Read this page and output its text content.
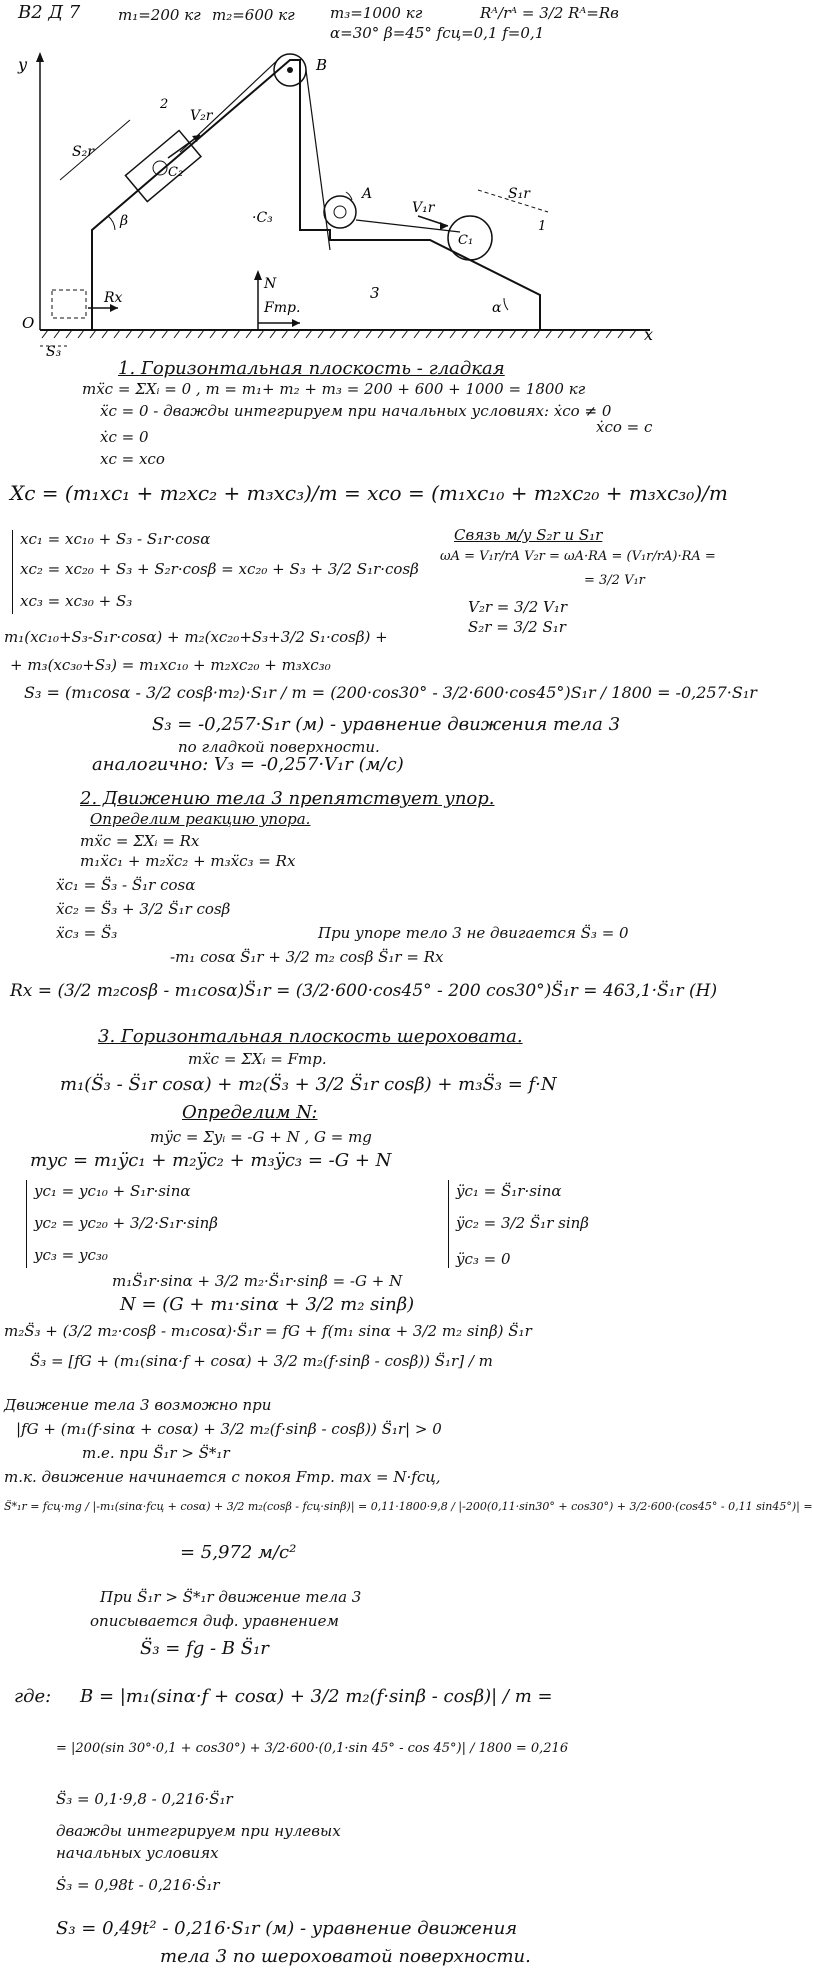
B2 Д 7	m₁=200 кг m₂=600 кг m₃=1000 кг	Rᴬ/rᴬ = 3/2 Rᴬ=Rв
α=30° β=45° fсц=0,1 f=0,1
y
O
x
C₂
2
V₂r
S₂r
β
B
A
C₁
1
V₁r
S₁r
α
·C₃
3
N
Fтр.
Rx
S₃
1. Горизонтальная плоскость - гладкая
mẍc = ΣXᵢ = 0 , m = m₁+ m₂ + m₃ = 200 + 600 + 1000 = 1800 кг
ẍc = 0 - дважды интегрируем при начальных условиях: ẋco ≠ 0
ẋco = c
ẋc = 0
xc = xco
Xc = (m₁xc₁ + m₂xc₂ + m₃xc₃)/m = xco = (m₁xc₁₀ + m₂xc₂₀ + m₃xc₃₀)/m
Связь м/у S₂r и S₁r
ωA = V₁r/rA V₂r = ωA·RA = (V₁r/rA)·RA =
= 3/2 V₁r
V₂r = 3/2 V₁r
S₂r = 3/2 S₁r
xc₁ = xc₁₀ + S₃ - S₁r·cosα
xc₂ = xc₂₀ + S₃ + S₂r·cosβ = xc₂₀ + S₃ + 3/2 S₁r·cosβ
xc₃ = xc₃₀ + S₃
m₁(xc₁₀+S₃-S₁r·cosα) + m₂(xc₂₀+S₃+3/2 S₁·cosβ) +
+ m₃(xc₃₀+S₃) = m₁xc₁₀ + m₂xc₂₀ + m₃xc₃₀
S₃ = (m₁cosα - 3/2 cosβ·m₂)·S₁r / m = (200·cos30° - 3/2·600·cos45°)S₁r / 1800 = -0,257·S₁r
S₃ = -0,257·S₁r (м) - уравнение движения тела 3
по гладкой поверхности.
аналогично: V₃ = -0,257·V₁r (м/с)
2. Движению тела 3 препятствует упор.
Определим реакцию упора.
mẍc = ΣXᵢ = Rx
m₁ẍc₁ + m₂ẍc₂ + m₃ẍc₃ = Rx
ẍc₁ = S̈₃ - S̈₁r cosα
ẍc₂ = S̈₃ + 3/2 S̈₁r cosβ
ẍc₃ = S̈₃	При упоре тело 3 не двигается S̈₃ = 0
-m₁ cosα S̈₁r + 3/2 m₂ cosβ S̈₁r = Rx
Rx = (3/2 m₂cosβ - m₁cosα)S̈₁r = (3/2·600·cos45° - 200 cos30°)S̈₁r = 463,1·S̈₁r (Н)
3. Горизонтальная плоскость шероховата.
mẍc = ΣXᵢ = Fтр.
m₁(S̈₃ - S̈₁r cosα) + m₂(S̈₃ + 3/2 S̈₁r cosβ) + m₃S̈₃ = f·N
Определим N:
mÿc = Σyᵢ = -G + N , G = mg
myc = m₁ÿc₁ + m₂ÿc₂ + m₃ÿc₃ = -G + N
yc₁ = yc₁₀ + S₁r·sinα
yc₂ = yc₂₀ + 3/2·S₁r·sinβ
yc₃ = yc₃₀
ÿc₁ = S̈₁r·sinα
ÿc₂ = 3/2 S̈₁r sinβ
ÿc₃ = 0
m₁S̈₁r·sinα + 3/2 m₂·S̈₁r·sinβ = -G + N
N = (G + m₁·sinα + 3/2 m₂ sinβ)
m₂S̈₃ + (3/2 m₂·cosβ - m₁cosα)·S̈₁r = fG + f(m₁ sinα + 3/2 m₂ sinβ) S̈₁r
S̈₃ = [fG + (m₁(sinα·f + cosα) + 3/2 m₂(f·sinβ - cosβ)) S̈₁r] / m
Движение тела 3 возможно при
|fG + (m₁(f·sinα + cosα) + 3/2 m₂(f·sinβ - cosβ)) S̈₁r| > 0
т.е. при S̈₁r > S̈*₁r
т.к. движение начинается с покоя Fтр. max = N·fсц,
S̈*₁r = fсц·mg / |-m₁(sinα·fсц + cosα) + 3/2 m₂(cosβ - fсц·sinβ)| = 0,11·1800·9,8 / |-200(0,11·sin30° + cos30°) + 3/2·600·(cos45° - 0,11 sin45°)| =
= 5,972 м/с²
При S̈₁r > S̈*₁r движение тела 3
описывается диф. уравнением
S̈₃ = fg - B S̈₁r
где: B = |m₁(sinα·f + cosα) + 3/2 m₂(f·sinβ - cosβ)| / m =
= |200(sin 30°·0,1 + cos30°) + 3/2·600·(0,1·sin 45° - cos 45°)| / 1800 = 0,216
S̈₃ = 0,1·9,8 - 0,216·S̈₁r
дважды интегрируем при нулевых
начальных условиях
Ṡ₃ = 0,98t - 0,216·Ṡ₁r
S₃ = 0,49t² - 0,216·S₁r (м) - уравнение движения
тела 3 по шероховатой поверхности.
